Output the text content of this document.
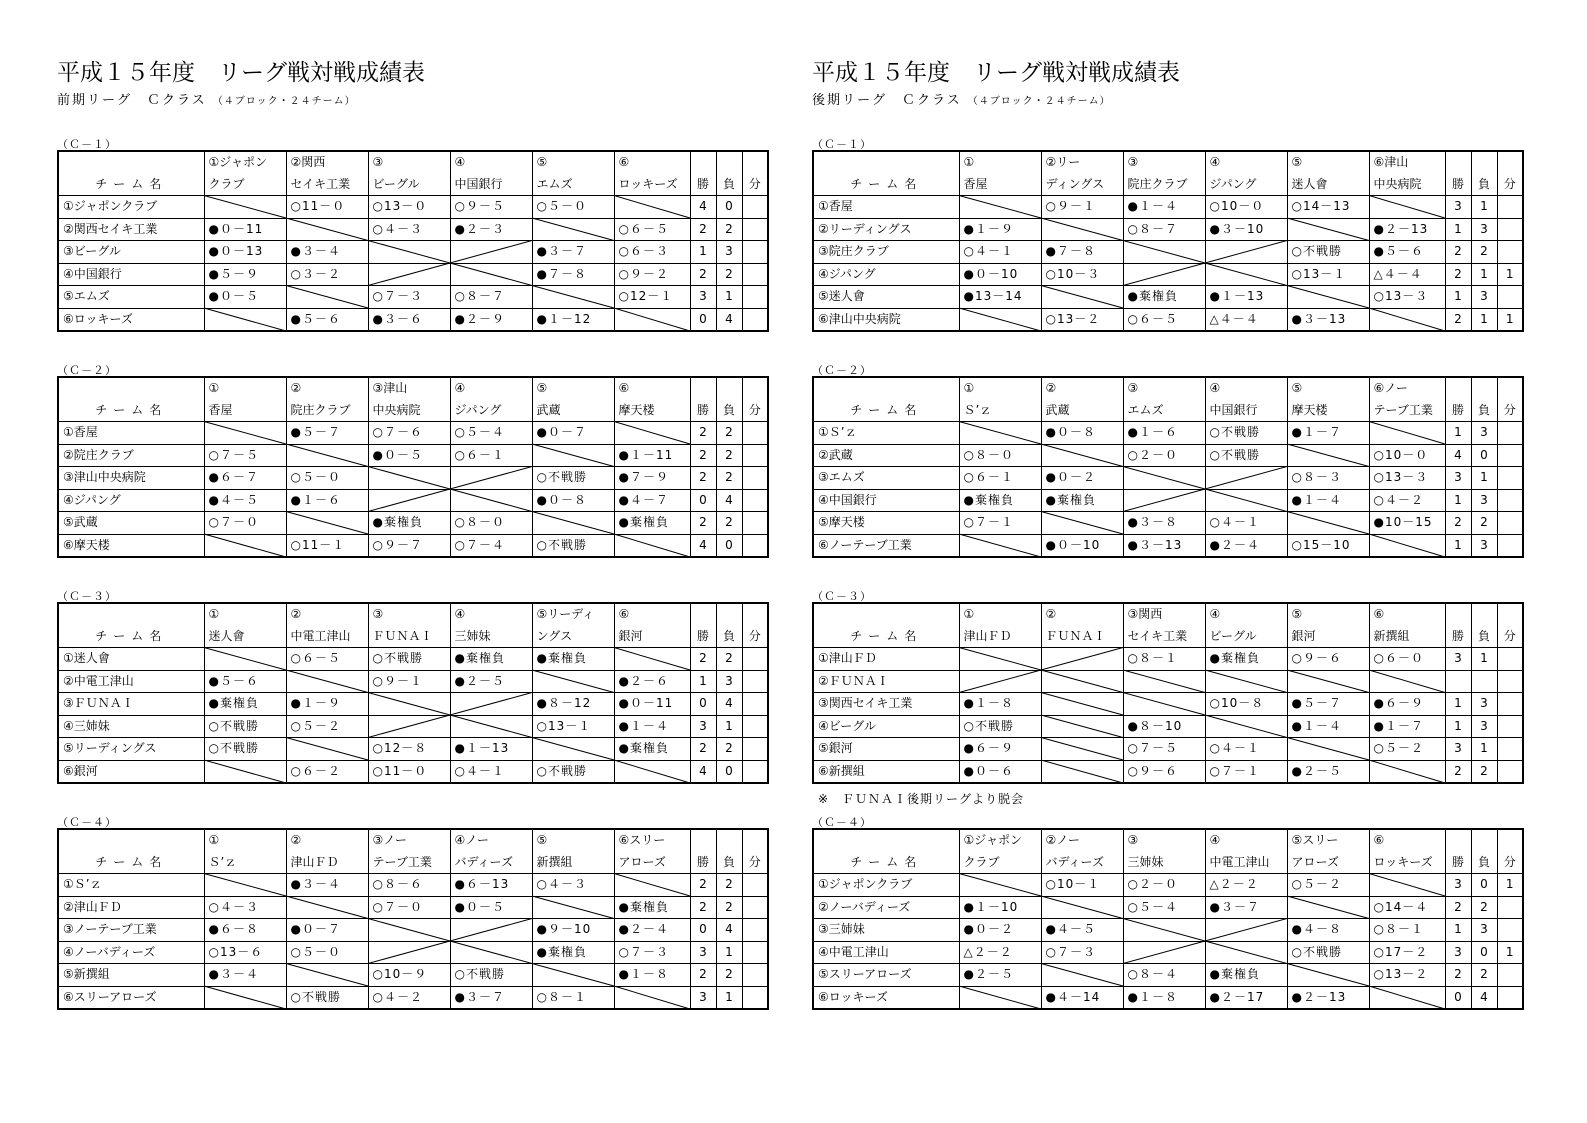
平成１５年度　リーグ戦対戦成績表
前期リーグ　Ｃクラス （４ブロック・２４チーム）
（Ｃ－１）
	①ジャポン	②関西	③	④	⑤	⑥			
チーム名	クラブ	セイキ工業	ビーグル	中国銀行	エムズ	ロッキーズ	勝	負	分
①ジャポンクラブ		○11－０	○13－０	○９－５	○５－０		4	0	
②関西セイキ工業	●０－11		○４－３	●２－３		○６－５	2	2	
③ビーグル	●０－13	●３－４			●３－７	○６－３	1	3	
④中国銀行	●５－９	○３－２			●７－８	○９－２	2	2	
⑤エムズ	●０－５		○７－３	○８－７		○12－１	3	1	
⑥ロッキーズ		●５－６	●３－６	●２－９	●１－12		0	4	
（Ｃ－２）
	①	②	③津山	④	⑤	⑥			
チーム名	香屋	院庄クラブ	中央病院	ジパング	武蔵	摩天楼	勝	負	分
①香屋		●５－７	○７－６	○５－４	●０－７		2	2	
②院庄クラブ	○７－５		●０－５	○６－１		●１－11	2	2	
③津山中央病院	●６－７	○５－０			○不戦勝	●７－９	2	2	
④ジパング	●４－５	●１－６			●０－８	●４－７	0	4	
⑤武蔵	○７－０		●棄権負	○８－０		●棄権負	2	2	
⑥摩天楼		○11－１	○９－７	○７－４	○不戦勝		4	0	
（Ｃ－３）
	①	②	③	④	⑤リーディ	⑥			
チーム名	迷人會	中電工津山	ＦＵＮＡＩ	三姉妹	ングス	銀河	勝	負	分
①迷人會		○６－５	○不戦勝	●棄権負	●棄権負		2	2	
②中電工津山	●５－６		○９－１	●２－５		●２－６	1	3	
③ＦＵＮＡＩ	●棄権負	●１－９			●８－12	●０－11	0	4	
④三姉妹	○不戦勝	○５－２			○13－１	●１－４	3	1	
⑤リーディングス	○不戦勝		○12－８	●１－13		●棄権負	2	2	
⑥銀河		○６－２	○11－０	○４－１	○不戦勝		4	0	
（Ｃ－４）
	①	②	③ノー	④ノー	⑤	⑥スリー			
チーム名	Ｓ’ｚ	津山ＦＤ	テーブ工業	バディーズ	新撰組	アローズ	勝	負	分
①Ｓ’ｚ		●３－４	○８－６	●６－13	○４－３		2	2	
②津山ＦＤ	○４－３		○７－０	●０－５		●棄権負	2	2	
③ノーテーブ工業	●６－８	●０－７			●９－10	●２－４	0	4	
④ノーバディーズ	○13－６	○５－０			●棄権負	○７－３	3	1	
⑤新撰組	●３－４		○10－９	○不戦勝		●１－８	2	2	
⑥スリーアローズ		○不戦勝	○４－２	●３－７	○８－１		3	1	
平成１５年度　リーグ戦対戦成績表
後期リーグ　Ｃクラス （４ブロック・２４チーム）
※　ＦＵＮＡＩ後期リーグより脱会
（Ｃ－１）
	①	②リー	③	④	⑤	⑥津山			
チーム名	香屋	ディングス	院庄クラブ	ジパング	迷人會	中央病院	勝	負	分
①香屋		○９－１	●１－４	○10－０	○14－13		3	1	
②リーディングス	●１－９		○８－７	●３－10		●２－13	1	3	
③院庄クラブ	○４－１	●７－８			○不戦勝	●５－６	2	2	
④ジパング	●０－10	○10－３			○13－１	△４－４	2	1	1
⑤迷人會	●13－14		●棄権負	●１－13		○13－３	1	3	
⑥津山中央病院		○13－２	○６－５	△４－４	●３－13		2	1	1
（Ｃ－２）
	①	②	③	④	⑤	⑥ノー			
チーム名	Ｓ’ｚ	武蔵	エムズ	中国銀行	摩天楼	テーブ工業	勝	負	分
①Ｓ’ｚ		●０－８	●１－６	○不戦勝	●１－７		1	3	
②武蔵	○８－０		○２－０	○不戦勝		○10－０	4	0	
③エムズ	○６－１	●０－２			○８－３	○13－３	3	1	
④中国銀行	●棄権負	●棄権負			●１－４	○４－２	1	3	
⑤摩天楼	○７－１		●３－８	○４－１		●10－15	2	2	
⑥ノーテーブ工業		●０－10	●３－13	●２－４	○15－10		1	3	
（Ｃ－３）
	①	②	③関西	④	⑤	⑥			
チーム名	津山ＦＤ	ＦＵＮＡＩ	セイキ工業	ビーグル	銀河	新撰組	勝	負	分
①津山ＦＤ			○８－１	●棄権負	○９－６	○６－０	3	1	
②ＦＵＮＡＩ									
③関西セイキ工業	●１－８			○10－８	●５－７	●６－９	1	3	
④ビーグル	○不戦勝		●８－10		●１－４	●１－７	1	3	
⑤銀河	●６－９		○７－５	○４－１		○５－２	3	1	
⑥新撰組	●０－６		○９－６	○７－１	●２－５		2	2	
（Ｃ－４）
	①ジャポン	②ノー	③	④	⑤スリー	⑥			
チーム名	クラブ	バディーズ	三姉妹	中電工津山	アローズ	ロッキーズ	勝	負	分
①ジャポンクラブ		○10－１	○２－０	△２－２	○５－２		3	0	1
②ノーバディーズ	●１－10		○５－４	●３－７		○14－４	2	2	
③三姉妹	●０－２	●４－５			●４－８	○８－１	1	3	
④中電工津山	△２－２	○７－３			○不戦勝	○17－２	3	0	1
⑤スリーアローズ	●２－５		○８－４	●棄権負		○13－２	2	2	
⑥ロッキーズ		●４－14	●１－８	●２－17	●２－13		0	4	
